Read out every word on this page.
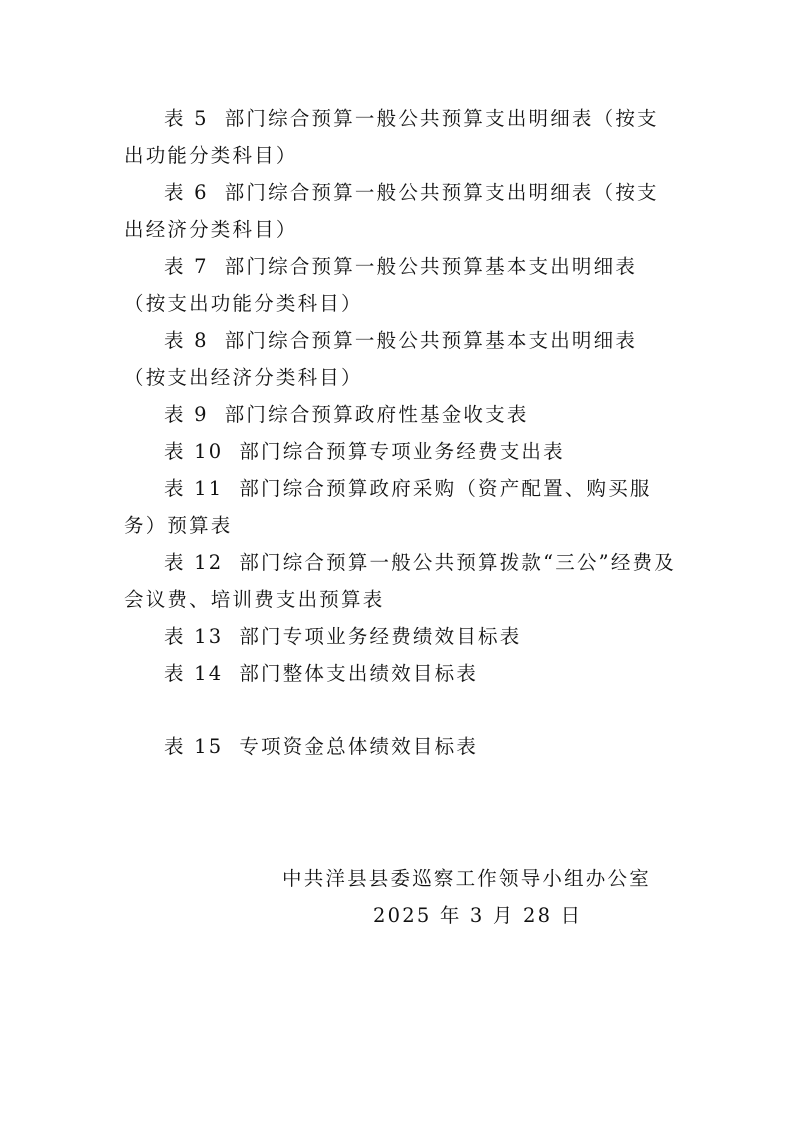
表 5 部门综合预算一般公共预算支出明细表（按支出功能分类科目）

表 6 部门综合预算一般公共预算支出明细表（按支出经济分类科目）

表 7 部门综合预算一般公共预算基本支出明细表（按支出功能分类科目）

表 8 部门综合预算一般公共预算基本支出明细表（按支出经济分类科目）

表 9 部门综合预算政府性基金收支表

表 10 部门综合预算专项业务经费支出表

表 11 部门综合预算政府采购（资产配置、购买服务）预算表

表 12 部门综合预算一般公共预算拨款“三公”经费及会议费、培训费支出预算表

表 13 部门专项业务经费绩效目标表

表 14 部门整体支出绩效目标表

表 15 专项资金总体绩效目标表

中共洋县县委巡察工作领导小组办公室
2025 年 3 月 28 日
